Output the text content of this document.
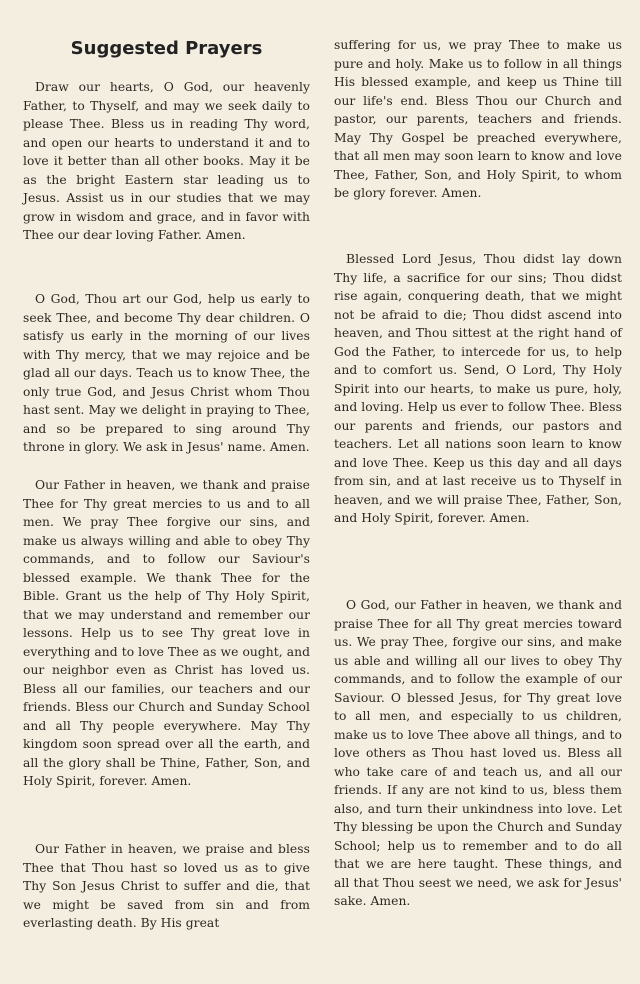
Suggested Prayers

Draw our hearts, O God, our heavenly Father, to Thyself, and may we seek daily to please Thee. Bless us in reading Thy word, and open our hearts to understand it and to love it better than all other books. May it be as the bright Eastern star leading us to Jesus. Assist us in our studies that we may grow in wisdom and grace, and in favor with Thee our dear loving Father. Amen.

O God, Thou art our God, help us early to seek Thee, and become Thy dear children. O satisfy us early in the morning of our lives with Thy mercy, that we may rejoice and be glad all our days. Teach us to know Thee, the only true God, and Jesus Christ whom Thou hast sent. May we delight in praying to Thee, and so be prepared to sing around Thy throne in glory. We ask in Jesus' name. Amen.

Our Father in heaven, we thank and praise Thee for Thy great mercies to us and to all men. We pray Thee forgive our sins, and make us always willing and able to obey Thy commands, and to follow our Saviour's blessed example. We thank Thee for the Bible. Grant us the help of Thy Holy Spirit, that we may understand and remember our lessons. Help us to see Thy great love in everything and to love Thee as we ought, and our neighbor even as Christ has loved us. Bless all our families, our teachers and our friends. Bless our Church and Sunday School and all Thy people everywhere. May Thy kingdom soon spread over all the earth, and all the glory shall be Thine, Father, Son, and Holy Spirit, forever. Amen.

Our Father in heaven, we praise and bless Thee that Thou hast so loved us as to give Thy Son Jesus Christ to suffer and die, that we might be saved from sin and from everlasting death. By His great

suffering for us, we pray Thee to make us pure and holy. Make us to follow in all things His blessed example, and keep us Thine till our life's end. Bless Thou our Church and pastor, our parents, teachers and friends. May Thy Gospel be preached everywhere, that all men may soon learn to know and love Thee, Father, Son, and Holy Spirit, to whom be glory forever. Amen.

Blessed Lord Jesus, Thou didst lay down Thy life, a sacrifice for our sins; Thou didst rise again, conquering death, that we might not be afraid to die; Thou didst ascend into heaven, and Thou sittest at the right hand of God the Father, to intercede for us, to help and to comfort us. Send, O Lord, Thy Holy Spirit into our hearts, to make us pure, holy, and loving. Help us ever to follow Thee. Bless our parents and friends, our pastors and teachers. Let all nations soon learn to know and love Thee. Keep us this day and all days from sin, and at last receive us to Thyself in heaven, and we will praise Thee, Father, Son, and Holy Spirit, forever. Amen.

O God, our Father in heaven, we thank and praise Thee for all Thy great mercies toward us. We pray Thee, forgive our sins, and make us able and willing all our lives to obey Thy commands, and to follow the example of our Saviour. O blessed Jesus, for Thy great love to all men, and especially to us children, make us to love Thee above all things, and to love others as Thou hast loved us. Bless all who take care of and teach us, and all our friends. If any are not kind to us, bless them also, and turn their unkindness into love. Let Thy blessing be upon the Church and Sunday School; help us to remember and to do all that we are here taught. These things, and all that Thou seest we need, we ask for Jesus' sake. Amen.
